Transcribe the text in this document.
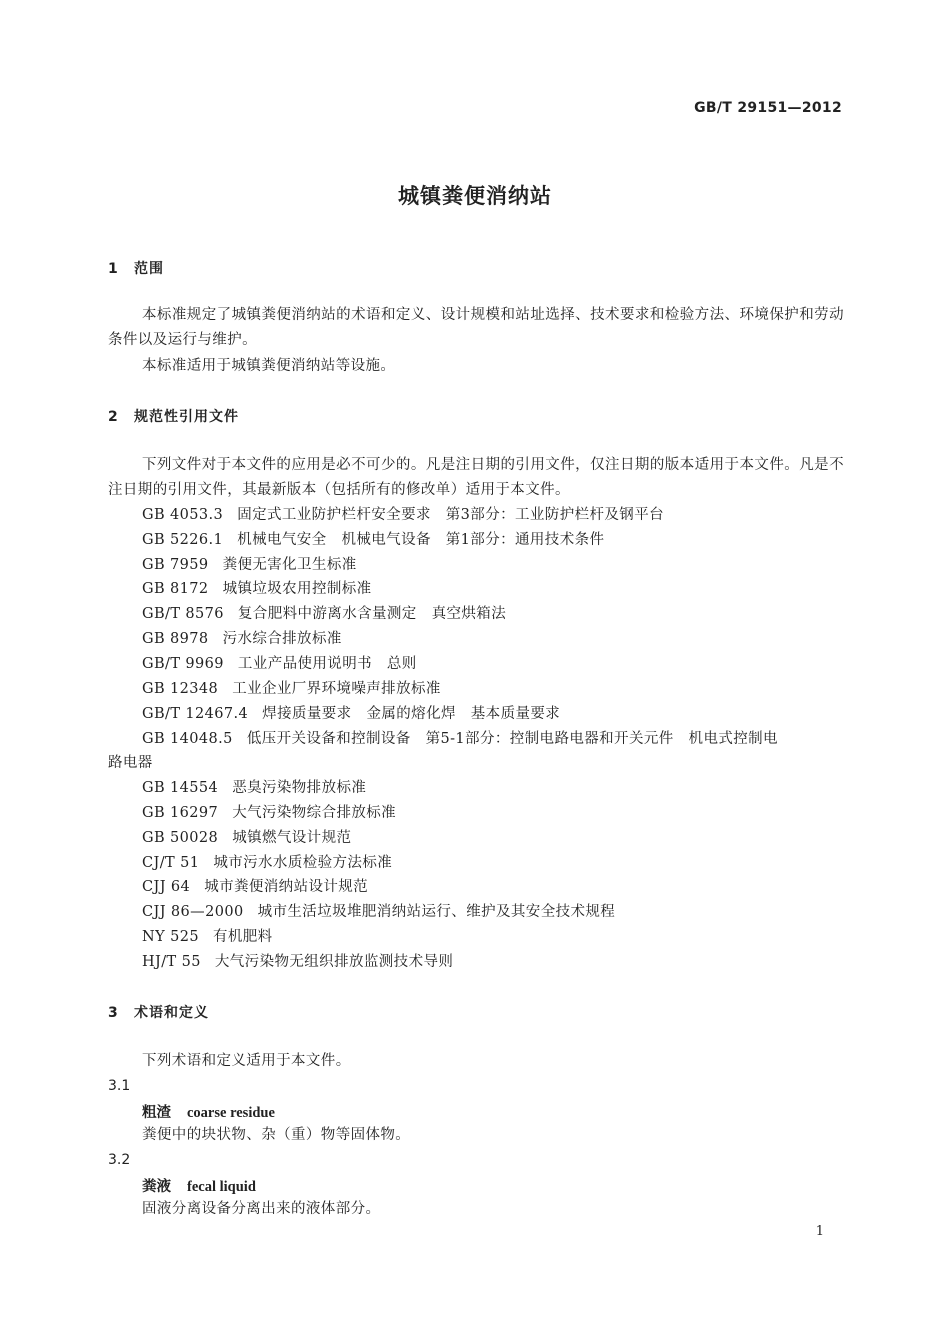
GB/T 29151—2012
城镇粪便消纳站
1 范围
本标准规定了城镇粪便消纳站的术语和定义、设计规模和站址选择、技术要求和检验方法、环境保护和劳动条件以及运行与维护。
本标准适用于城镇粪便消纳站等设施。
2 规范性引用文件
下列文件对于本文件的应用是必不可少的。凡是注日期的引用文件，仅注日期的版本适用于本文件。凡是不注日期的引用文件，其最新版本（包括所有的修改单）适用于本文件。
GB 4053.3 固定式工业防护栏杆安全要求　第3部分：工业防护栏杆及钢平台
GB 5226.1 机械电气安全　机械电气设备　第1部分：通用技术条件
GB 7959 粪便无害化卫生标准
GB 8172 城镇垃圾农用控制标准
GB/T 8576 复合肥料中游离水含量测定　真空烘箱法
GB 8978 污水综合排放标准
GB/T 9969 工业产品使用说明书　总则
GB 12348 工业企业厂界环境噪声排放标准
GB/T 12467.4 焊接质量要求　金属的熔化焊　基本质量要求
GB 14048.5 低压开关设备和控制设备　第5-1部分：控制电路电器和开关元件　机电式控制电
路电器
GB 14554 恶臭污染物排放标准
GB 16297 大气污染物综合排放标准
GB 50028 城镇燃气设计规范
CJ/T 51 城市污水水质检验方法标准
CJJ 64 城市粪便消纳站设计规范
CJJ 86—2000 城市生活垃圾堆肥消纳站运行、维护及其安全技术规程
NY 525 有机肥料
HJ/T 55 大气污染物无组织排放监测技术导则
3 术语和定义
下列术语和定义适用于本文件。
3.1
粗渣 coarse residue
粪便中的块状物、杂（重）物等固体物。
3.2
粪液 fecal liquid
固液分离设备分离出来的液体部分。
1
